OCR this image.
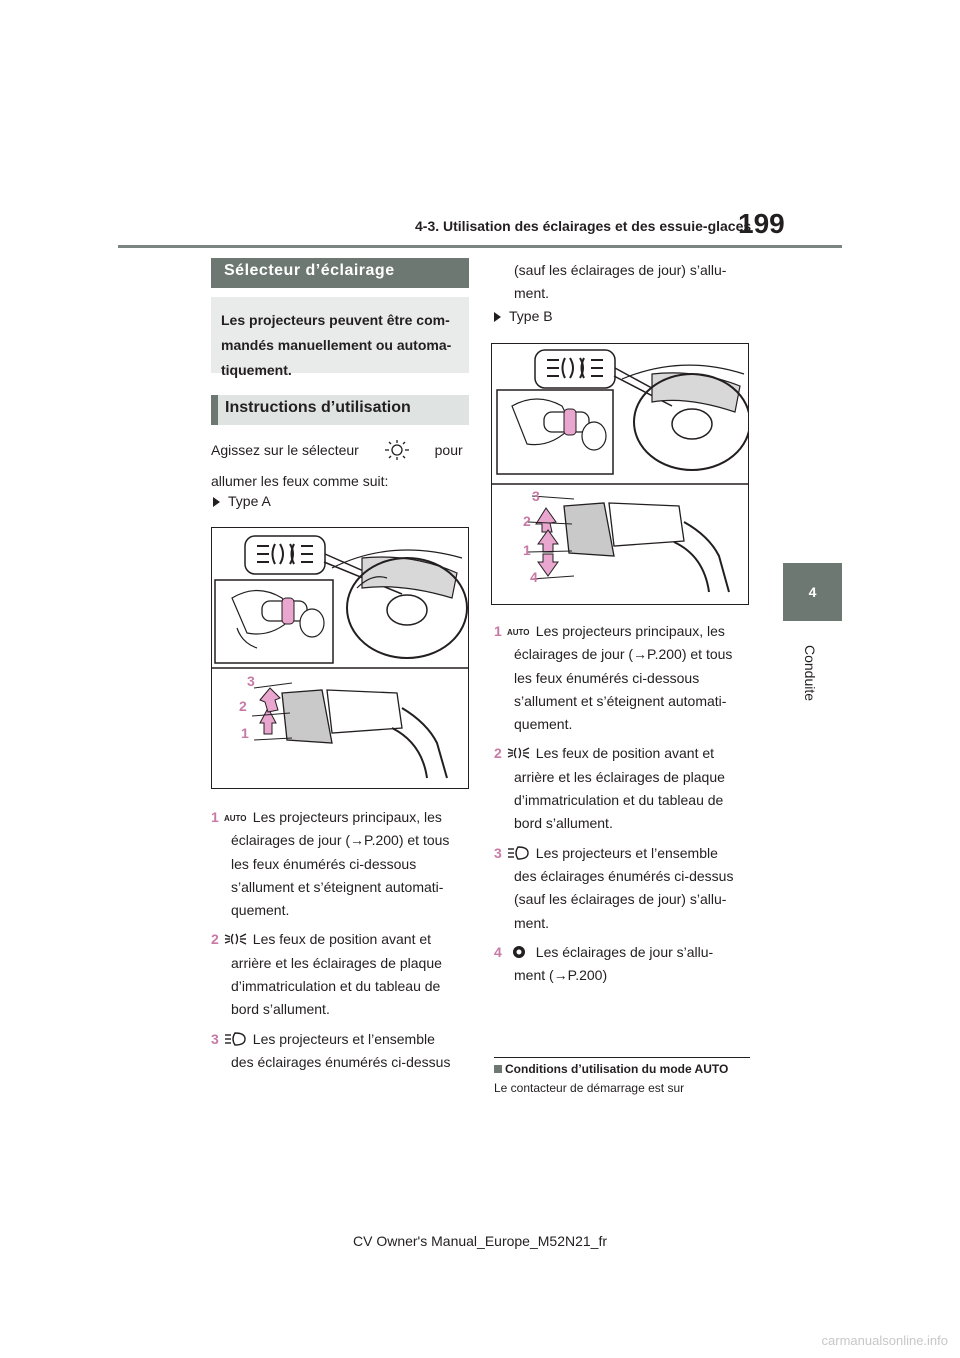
4-3. Utilisation des éclairages et des essuie-glaces
199
4
Conduite
Sélecteur d’éclairage

Les projecteurs peuvent être com-

mandés manuellement ou automa-

tiquement.

Instructions d’utilisation
Agissez sur le sélecteur	pour
allumer les feux comme suit:
Type A
3
2
1
1 AUTO Les projecteurs principaux, les
éclairages de jour (→P.200) et tous
les feux énumérés ci-dessous
s’allument et s’éteignent automati-
quement.
2 Les feux de position avant et
arrière et les éclairages de plaque
d’immatriculation et du tableau de
bord s’allument.
3 Les projecteurs et l’ensemble
des éclairages énumérés ci-dessus
(sauf les éclairages de jour) s’allu-
ment.
Type B
3
2
1
4
1 AUTO Les projecteurs principaux, les
éclairages de jour (→P.200) et tous
les feux énumérés ci-dessous
s’allument et s’éteignent automati-
quement.
2 Les feux de position avant et
arrière et les éclairages de plaque
d’immatriculation et du tableau de
bord s’allument.
3 Les projecteurs et l’ensemble
des éclairages énumérés ci-dessus
(sauf les éclairages de jour) s’allu-
ment.
4 Les éclairages de jour s’allu-
ment (→P.200)
Conditions d’utilisation du mode AUTO
Le contacteur de démarrage est sur
CV Owner's Manual_Europe_M52N21_fr
carmanualsonline.info
